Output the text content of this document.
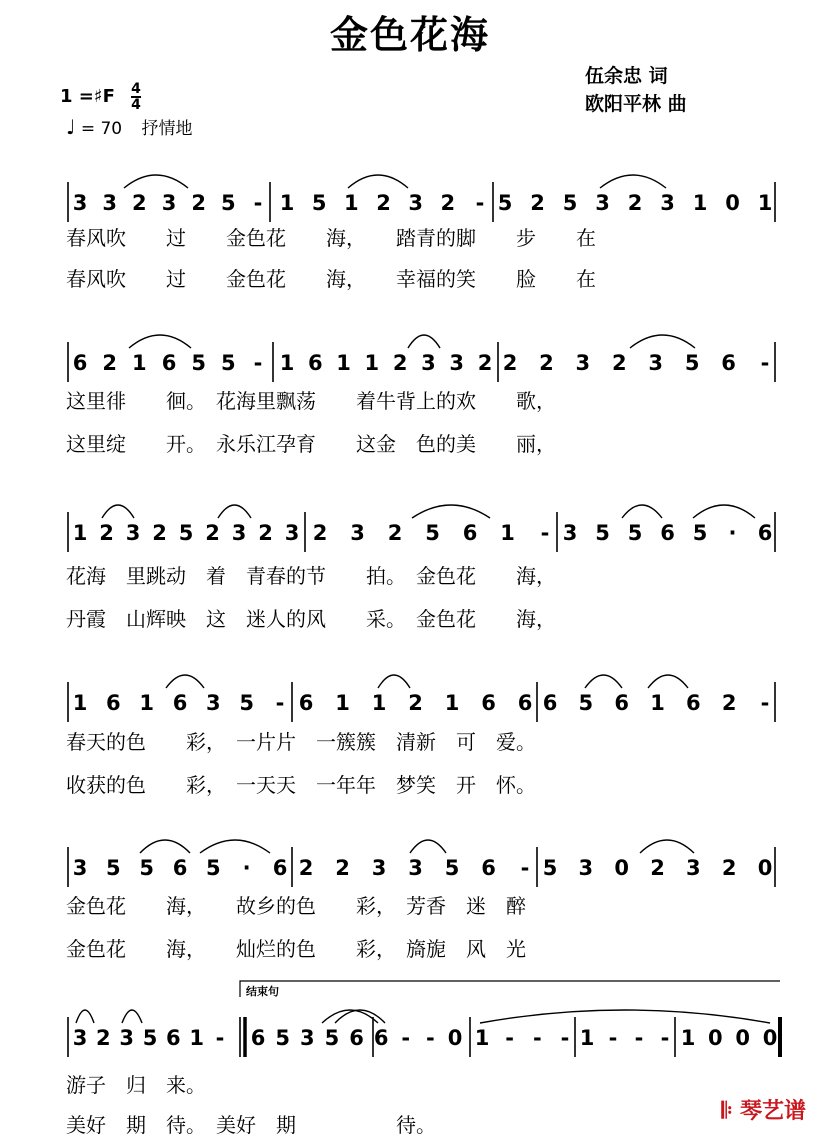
金色花海
伍余忠 词
欧阳平林 曲
1 =♯F $\frac{4}{4}$
♩ = 70 抒情地
3 3 2 3 2 5 - 1 5 1 2 3 2 - 5 2 5 3 2 3 1 0 1
春风吹　　过　　金色花　　海，　　踏青的脚　　步　　在
春风吹　　过　　金色花　　海，　　幸福的笑　　脸　　在
6 2 1 6 5 5 - 1 6 1 1 2 3 3 2 2 2 3 2 3 5 6	-
这里徘　　徊。　花海里飘荡　　着牛背上的欢　　歌，
这里绽　　开。　永乐江孕育　　这金　色的美　　丽，
1 2 3 2 5 2 3 2 3 2 3 2 5 6 1	- 3 5 5 6 5	·	6
花海　里跳动　着　青春的节　　拍。　金色花　　海，
丹霞　山辉映　这　迷人的风　　采。　金色花　　海，
1 6 1 6 3 5	- 6 1 1 2 1 6 6 6 5 6 1 6 2	-
春天的色　　彩，　一片片　一簇簇　清新　可　爱。
收获的色　　彩，　一天天　一年年　梦笑　开　怀。
3 5 5 6 5	·	6 2 2 3 3 5 6	- 5 3 0 2 3 2 0
金色花　　海，　　故乡的色　　彩，　芳香　迷　醉
金色花　　海，　　灿烂的色　　彩，　旖旎　风　光
3 2 3 5 6 1 -	6 5 3 5 6 6 - - 0 1 - - - 1 - - - 1 0 0 0
结束句
游子　归　来。
美好　期　待。　美好　期　　　　　待。
𝄆 琴艺谱
